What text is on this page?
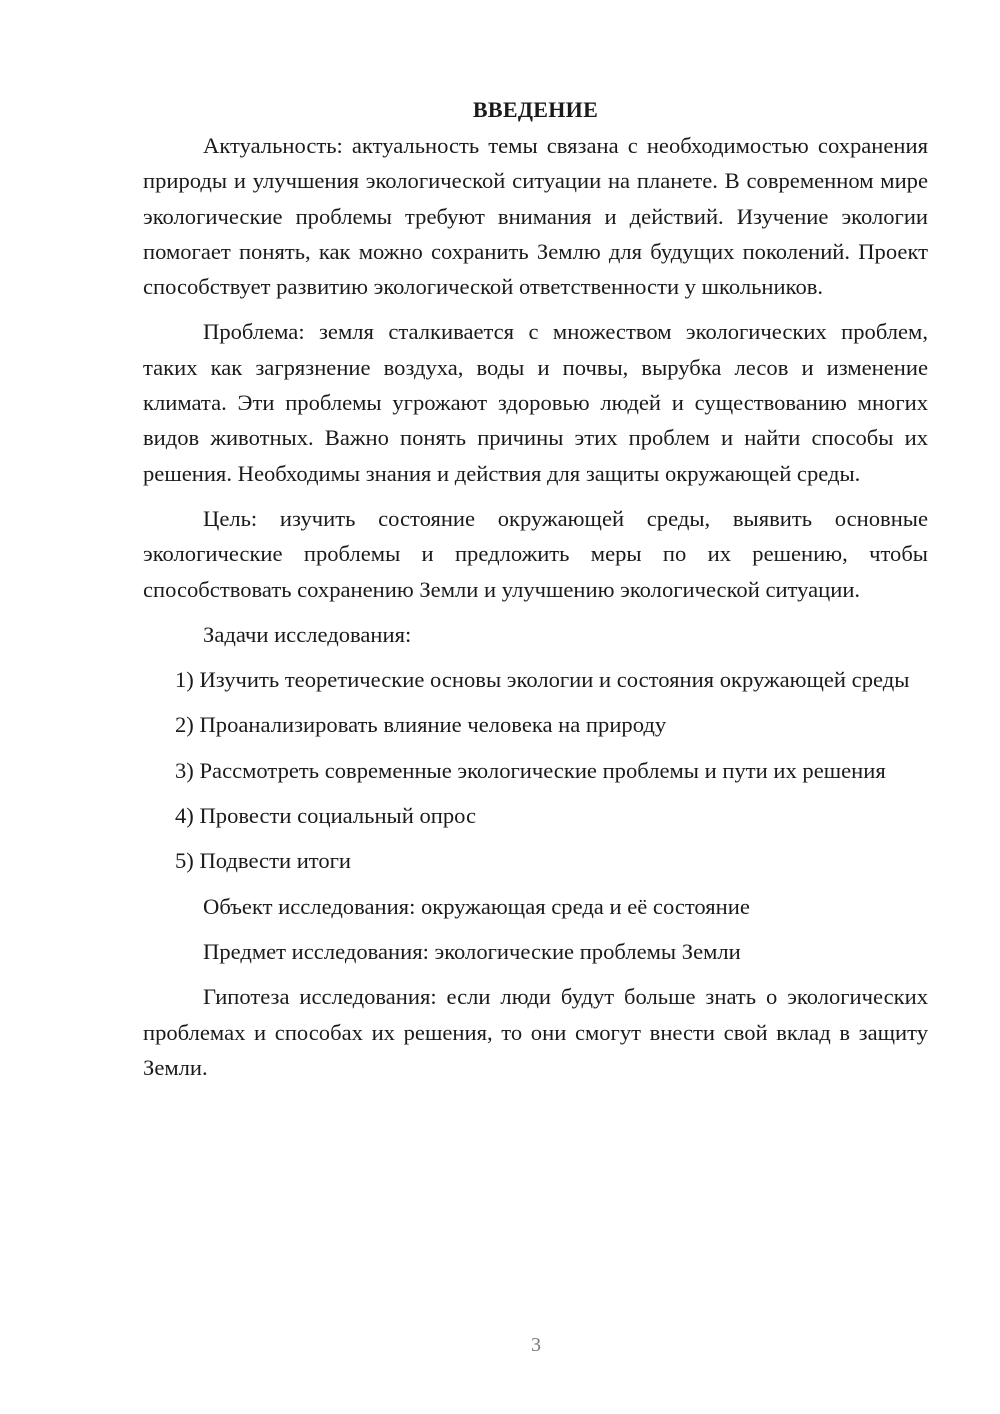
ВВЕДЕНИЕ

Актуальность: актуальность темы связана с необходимостью сохранения природы и улучшения экологической ситуации на планете. В современном мире экологические проблемы требуют внимания и действий. Изучение экологии помогает понять, как можно сохранить Землю для будущих поколений. Проект способствует развитию экологической ответственности у школьников.

Проблема: земля сталкивается с множеством экологических проблем, таких как загрязнение воздуха, воды и почвы, вырубка лесов и изменение климата. Эти проблемы угрожают здоровью людей и существованию многих видов животных. Важно понять причины этих проблем и найти способы их решения. Необходимы знания и действия для защиты окружающей среды.

Цель: изучить состояние окружающей среды, выявить основные экологические проблемы и предложить меры по их решению, чтобы способствовать сохранению Земли и улучшению экологической ситуации.

Задачи исследования:

1) Изучить теоретические основы экологии и состояния окружающей среды

2) Проанализировать влияние человека на природу

3) Рассмотреть современные экологические проблемы и пути их решения

4) Провести социальный опрос

5) Подвести итоги

Объект исследования: окружающая среда и её состояние

Предмет исследования: экологические проблемы Земли

Гипотеза исследования: если люди будут больше знать о экологических проблемах и способах их решения, то они смогут внести свой вклад в защиту Земли.

3
